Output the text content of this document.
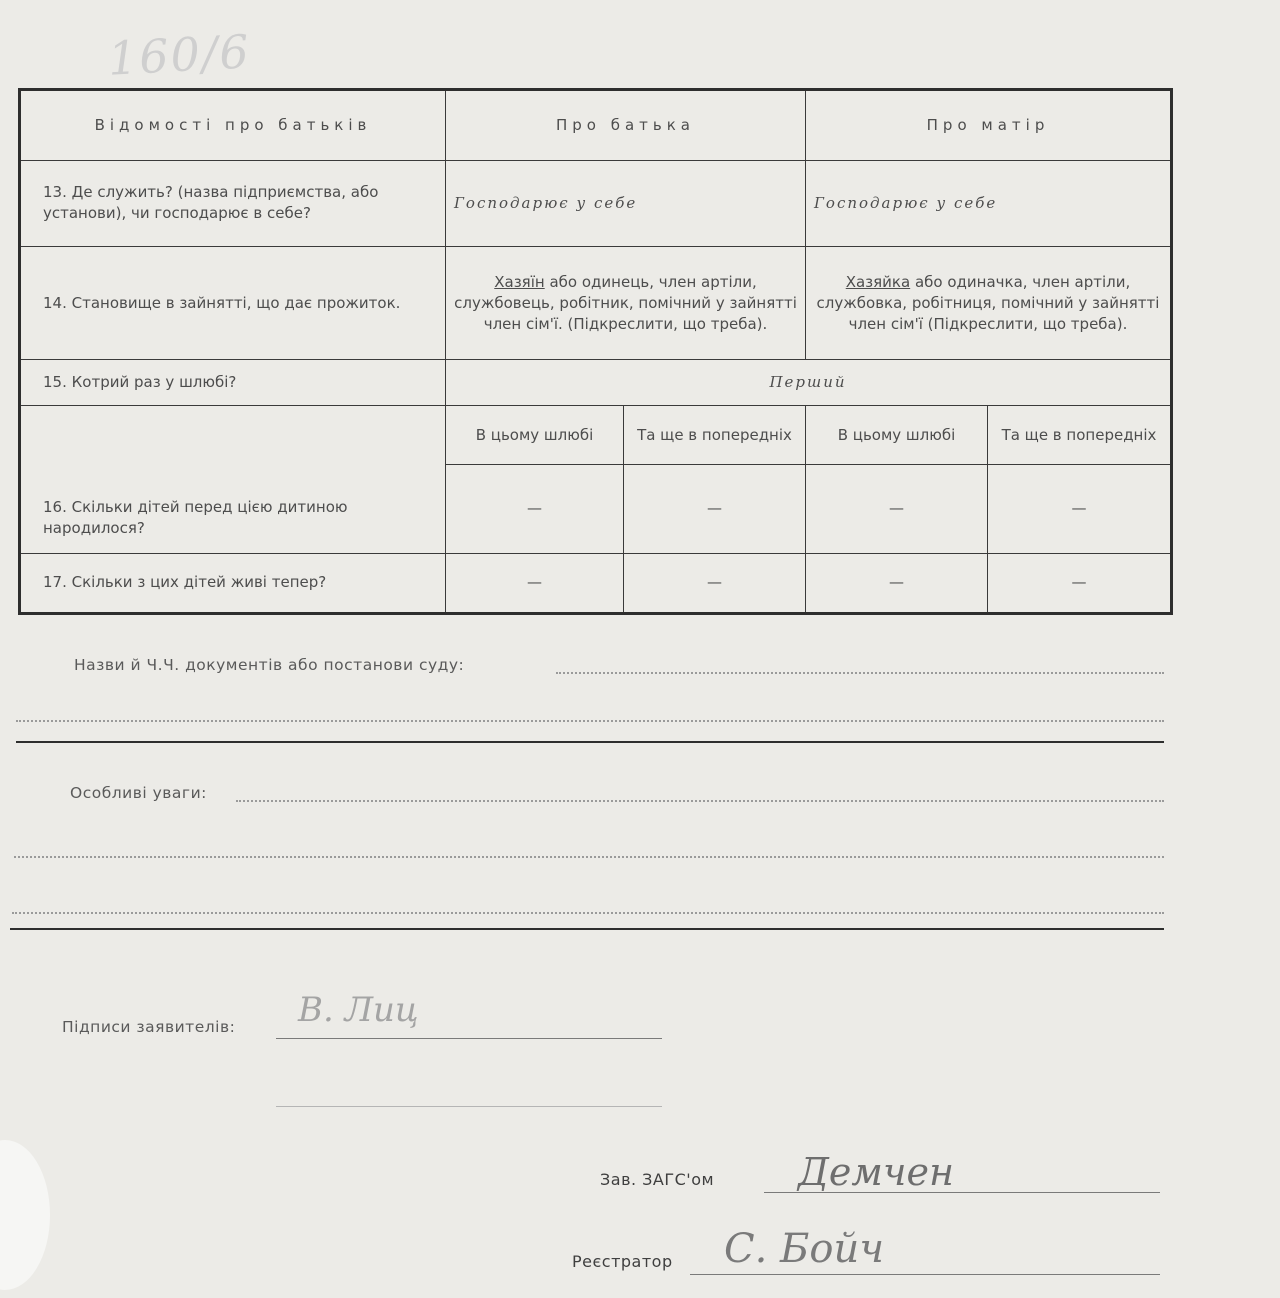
160/6
Відомості про батьків	Про батька		Про матір	
13. Де служить? (назва підприємства, або установи), чи господарює в себе?	Господарює у себе		Господарює у себе	
14. Становище в зайнятті, що дає прожиток.	Хазяїн або одинець, член артіли, службовець, робітник, помічний у зайнятті член сім'ї. (Підкреслити, що треба).		Хазяйка або одиначка, член артіли, службовка, робітниця, помічний у зайнятті член сім'ї (Підкреслити, що треба).	
15. Котрий раз у шлюбі?	Перший			
16. Скільки дітей перед цією дитиною народилося?	В цьому шлюбі	Та ще в попередніх	В цьому шлюбі	Та ще в попередніх
	—	—	—	—
17. Скільки з цих дітей живі тепер?	—	—	—	—
Назви й Ч.Ч. документів або постанови суду:
Особливі уваги:
Підписи заявителів: В. Лиц
Зав. ЗАГС'ом Демчен
Реєстратор С. Бойч
